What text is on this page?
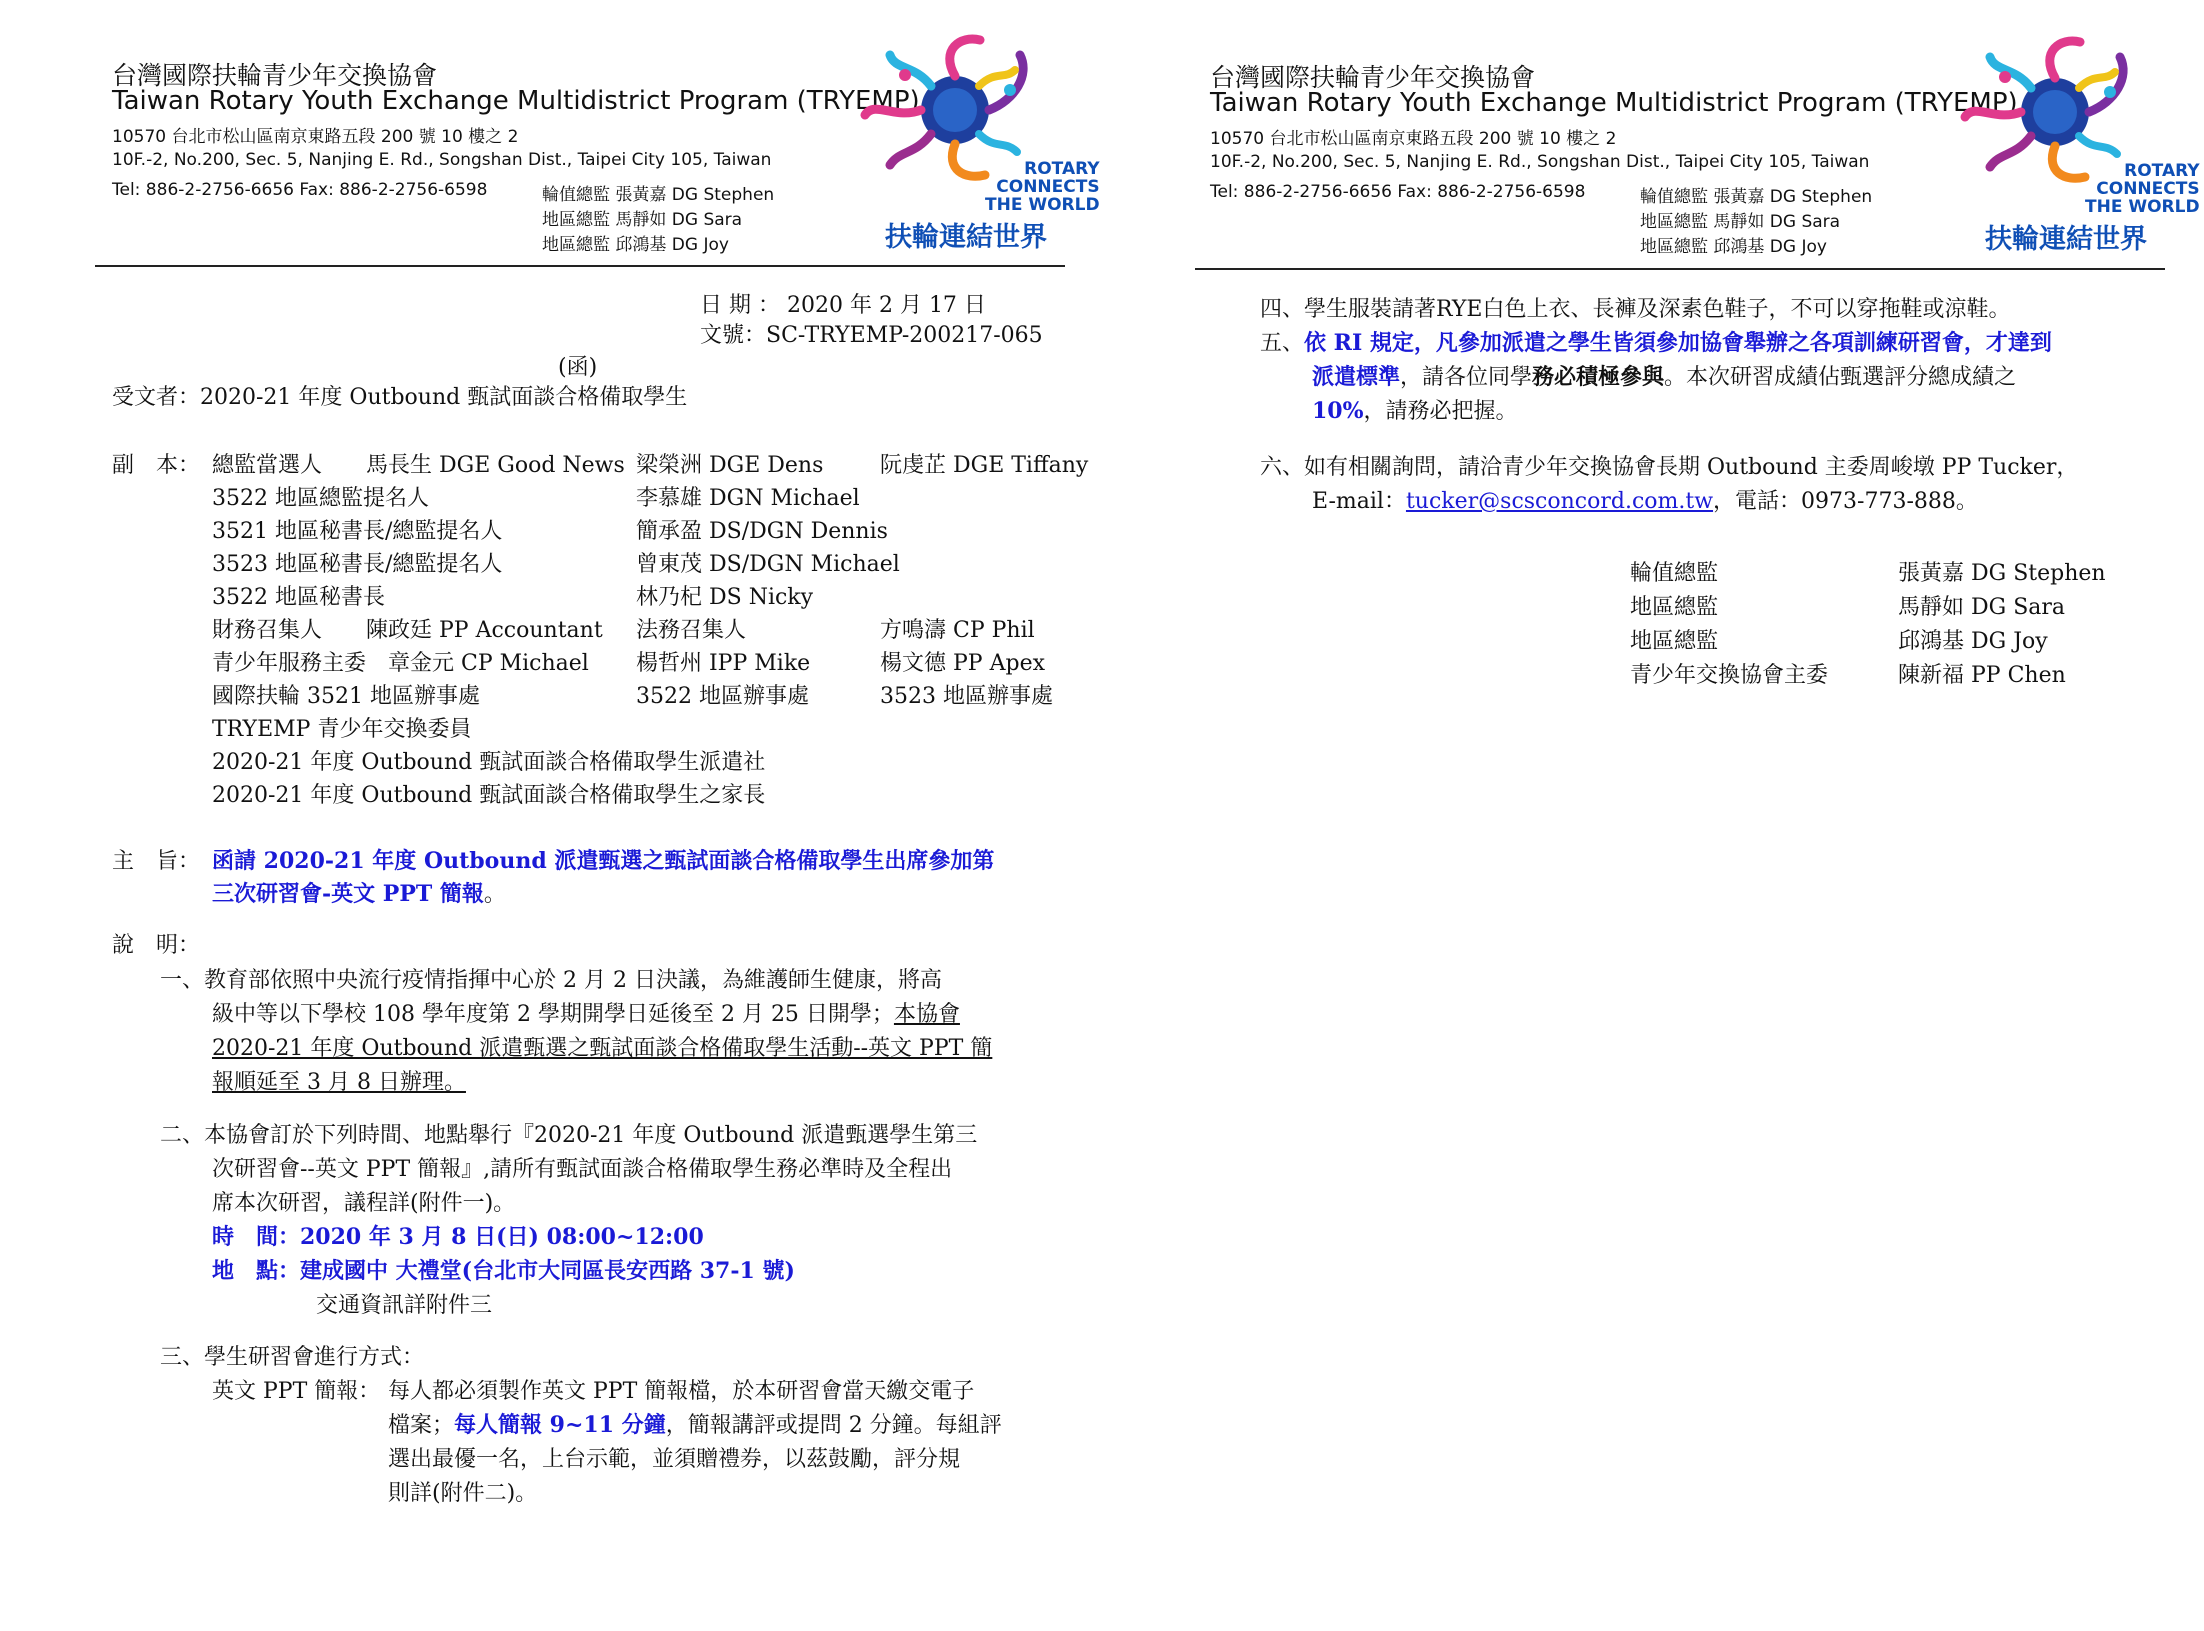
台灣國際扶輪青少年交換協會
Taiwan Rotary Youth Exchange Multidistrict Program (TRYEMP)
10570 台北市松山區南京東路五段 200 號 10 樓之 2
10F.-2, No.200, Sec. 5, Nanjing E. Rd., Songshan Dist., Taipei City 105, Taiwan
Tel: 886-2-2756-6656 Fax: 886-2-2756-6598	輪值總監 張黃嘉 DG Stephen
地區總監 馬靜如 DG Sara
地區總監 邱鴻基 DG Joy
ROTARY
CONNECTS
THE WORLD
扶輪連結世界
日 期 ： 2020 年 2 月 17 日
文號：SC-TRYEMP-200217-065
(函)
受文者：2020-21 年度 Outbound 甄試面談合格備取學生
副　本： 總監當選人　　馬長生 DGE Good News 梁榮洲 DGE Dens	阮虔芷 DGE Tiffany
3522 地區總監提名人	李慕雄 DGN Michael
3521 地區秘書長/總監提名人	簡承盈 DS/DGN Dennis
3523 地區秘書長/總監提名人	曾東茂 DS/DGN Michael
3522 地區秘書長	林乃杞 DS Nicky
財務召集人　　陳政廷 PP Accountant 法務召集人	方鳴濤 CP Phil
青少年服務主委　章金元 CP Michael 楊哲州 IPP Mike	楊文德 PP Apex
國際扶輪 3521 地區辦事處	3522 地區辦事處	3523 地區辦事處
TRYEMP 青少年交換委員
2020-21 年度 Outbound 甄試面談合格備取學生派遣社
2020-21 年度 Outbound 甄試面談合格備取學生之家長
主　旨： 函請 2020-21 年度 Outbound 派遣甄選之甄試面談合格備取學生出席參加第
三次研習會-英文 PPT 簡報。
說　明：
一、教育部依照中央流行疫情指揮中心於 2 月 2 日決議，為維護師生健康，將高
級中等以下學校 108 學年度第 2 學期開學日延後至 2 月 25 日開學；本協會
2020-21 年度 Outbound 派遣甄選之甄試面談合格備取學生活動--英文 PPT 簡
報順延至 3 月 8 日辦理。
二、本協會訂於下列時間、地點舉行『2020-21 年度 Outbound 派遣甄選學生第三
次研習會--英文 PPT 簡報』,請所有甄試面談合格備取學生務必準時及全程出
席本次研習，議程詳(附件一)。
時　間：2020 年 3 月 8 日(日) 08:00~12:00
地　點：建成國中 大禮堂(台北市大同區長安西路 37-1 號)
交通資訊詳附件三
三、學生研習會進行方式：
英文 PPT 簡報： 每人都必須製作英文 PPT 簡報檔，於本研習會當天繳交電子
檔案；每人簡報 9~11 分鐘，簡報講評或提問 2 分鐘。每組評
選出最優一名，上台示範，並須贈禮券，以茲鼓勵，評分規
則詳(附件二)。
台灣國際扶輪青少年交換協會
Taiwan Rotary Youth Exchange Multidistrict Program (TRYEMP)
10570 台北市松山區南京東路五段 200 號 10 樓之 2
10F.-2, No.200, Sec. 5, Nanjing E. Rd., Songshan Dist., Taipei City 105, Taiwan
Tel: 886-2-2756-6656 Fax: 886-2-2756-6598	輪值總監 張黃嘉 DG Stephen
地區總監 馬靜如 DG Sara
地區總監 邱鴻基 DG Joy
ROTARY
CONNECTS
THE WORLD
扶輪連結世界
四、學生服裝請著RYE白色上衣、長褲及深素色鞋子，不可以穿拖鞋或涼鞋。
五、依 RI 規定，凡參加派遣之學生皆須參加協會舉辦之各項訓練研習會，才達到
派遣標準，請各位同學務必積極參與。本次研習成績佔甄選評分總成績之
10%，請務必把握。
六、如有相關詢問，請洽青少年交換協會長期 Outbound 主委周峻墩 PP Tucker，
E-mail：tucker@scsconcord.com.tw，電話：0973-773-888。
輪值總監	張黃嘉 DG Stephen
地區總監	馬靜如 DG Sara
地區總監	邱鴻基 DG Joy
青少年交換協會主委	陳新福 PP Chen
